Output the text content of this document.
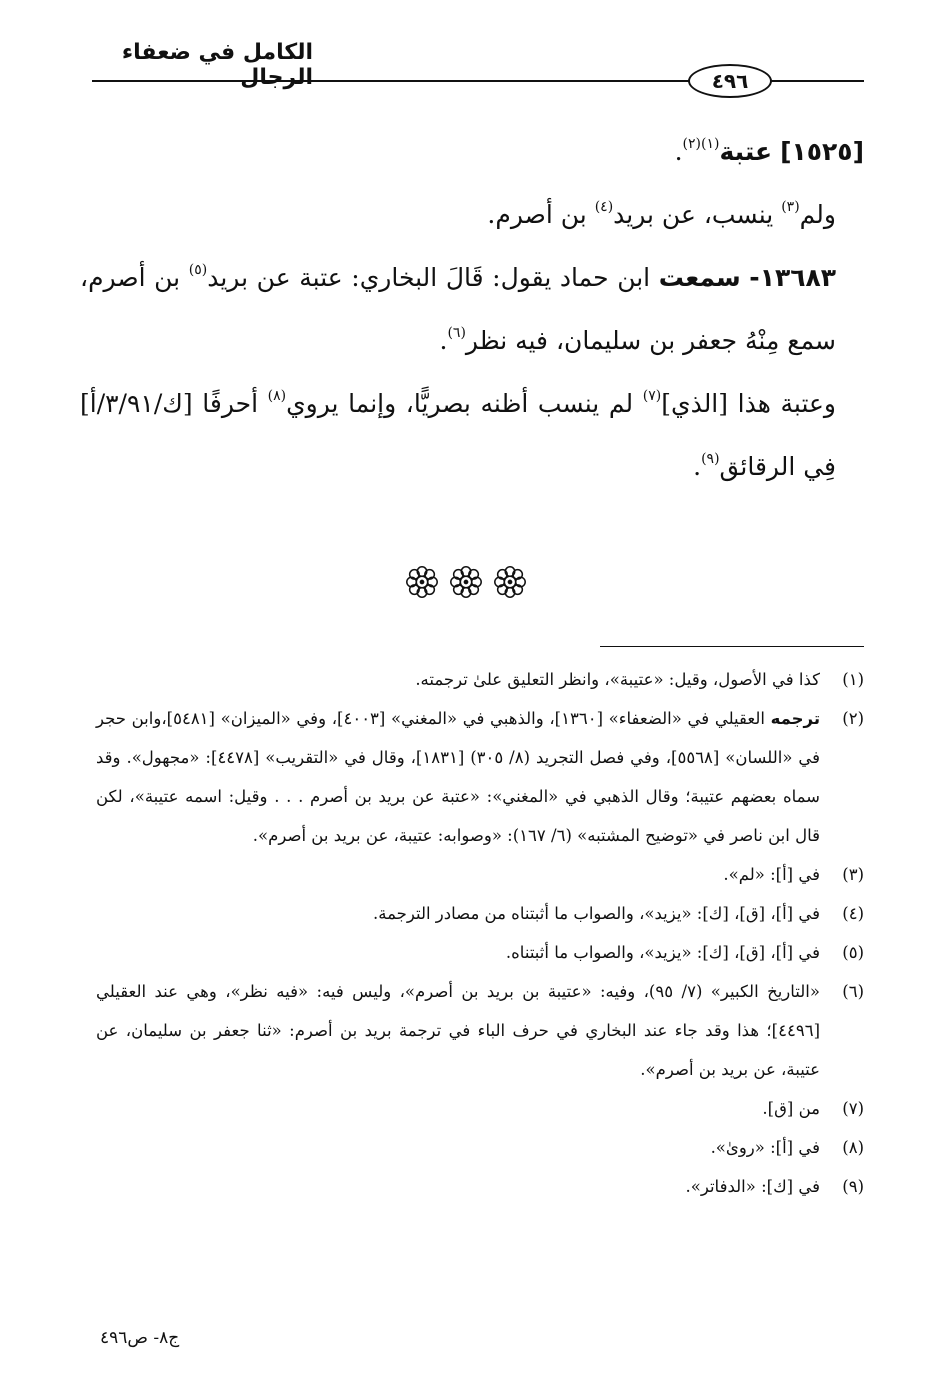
الكامل في ضعفاء الرجال	٤٩٦

[١٥٢٥] عتبة$^{(١)(٢)}$.

ولم$^{(٣)}$ ينسب، عن بريد$^{(٤)}$ بن أصرم.

١٣٦٨٣- سمعت ابن حماد يقول: قَالَ البخاري: عتبة عن بريد$^{(٥)}$ بن أصرم، سمع مِنْهُ جعفر بن سليمان، فيه نظر$^{(٦)}$.

وعتبة هذا [الذي]$^{(٧)}$ لم ينسب أظنه بصريًّا، وإنما يروي$^{(٨)}$ أحرفًا [ك/٣/٩١/أ] فِي الرقائق$^{(٩)}$.

(١)
كذا في الأصول، وقيل: «عتيبة»، وانظر التعليق علىٰ ترجمته.
(٢)
ترجمه العقيلي في «الضعفاء» [١٣٦٠]، والذهبي في «المغني» [٤٠٠٣]، وفي «الميزان» [٥٤٨١]،وابن حجر في «اللسان» [٥٥٦٨]، وفي فصل التجريد (٨/ ٣٠٥) [١٨٣١]، وقال في «التقريب» [٤٤٧٨]: «مجهول». وقد سماه بعضهم عتيبة؛ وقال الذهبي في «المغني»: «عتبة عن بريد بن أصرم . . . وقيل: اسمه عتيبة»، لكن قال ابن ناصر في «توضيح المشتبه» (٦/ ١٦٧): «وصوابه: عتيبة، عن بريد بن أصرم».
(٣)
في [أ]: «لم».
(٤)
في [أ]، [ق]، [ك]: «يزيد»، والصواب ما أثبتناه من مصادر الترجمة.
(٥)
في [أ]، [ق]، [ك]: «يزيد»، والصواب ما أثبتناه.
(٦)
«التاريخ الكبير» (٧/ ٩٥)، وفيه: «عتيبة بن بريد بن أصرم»، وليس فيه: «فيه نظر»، وهي عند العقيلي [٤٤٩٦]؛ هذا وقد جاء عند البخاري في حرف الباء في ترجمة بريد بن أصرم: «ثنا جعفر بن سليمان، عن عتيبة، عن بريد بن أصرم».
(٧)
من [ق].
(٨)
في [أ]: «روىٰ».
(٩)
في [ك]: «الدفاتر».
ج٨- ص٤٩٦
